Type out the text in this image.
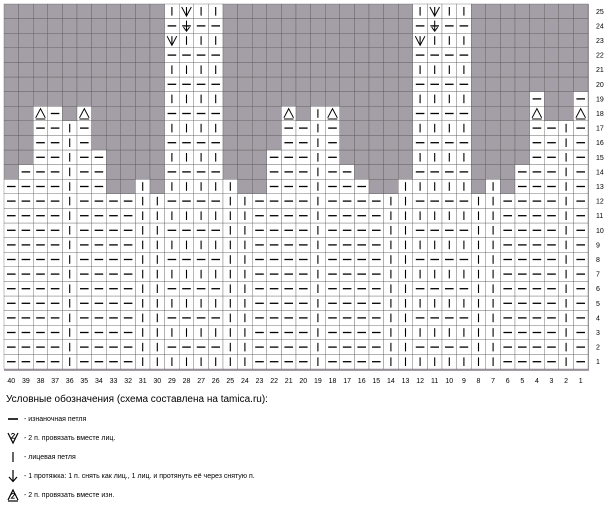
1
2
3
4
5
6
7
8
9
10
11
12
13
14
15
16
17
18
19
20
21
22
23
24
25
40 39 38 37 36 35 34 33 32 31 30 29 28 27 26 25 24 23 22 21 20 19 18 17 16 15 14 13 12 11 10 9 8 7 6 5 4 3 2 1
Условные обозначения (схема составлена на tamica.ru):
- изнаночная петля
- 2 п. провязать вместе лиц.
- лицевая петля
- 1 протяжка: 1 п. снять как лиц., 1 лиц. и протянуть её через снятую п.
- 2 п. провязать вместе изн.
